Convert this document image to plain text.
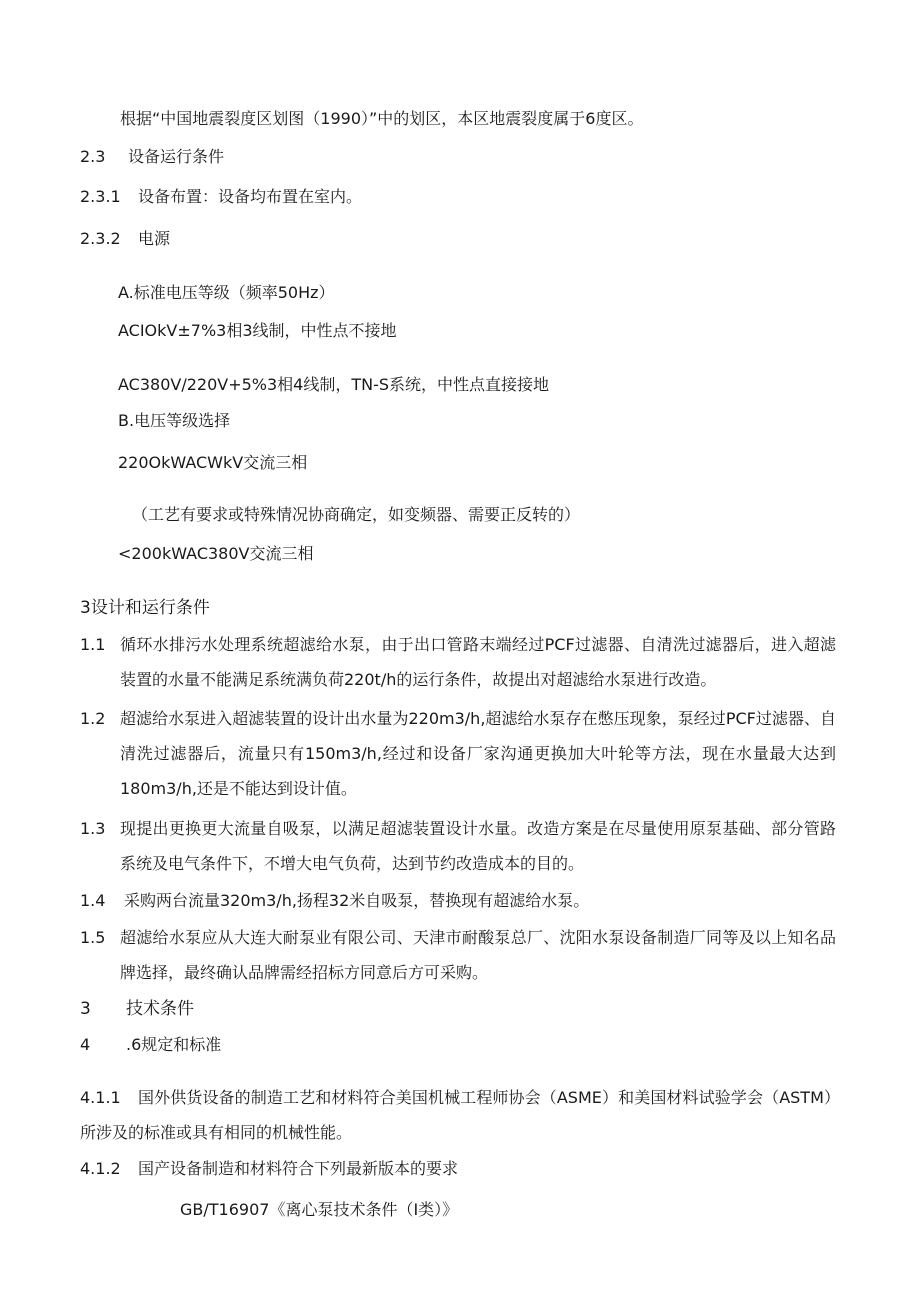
根据“中国地震裂度区划图（1990）”中的划区，本区地震裂度属于6度区。
2.3 设备运行条件
2.3.1 设备布置：设备均布置在室内。
2.3.2 电源
A.标准电压等级（频率50Hz）
ACIOkV±7%3相3线制，中性点不接地
AC380V/220V+5%3相4线制，TN-S系统，中性点直接接地
B.电压等级选择
220OkWACWkV交流三相
（工艺有要求或特殊情况协商确定，如变频器、需要正反转的）
<200kWAC380V交流三相
3设计和运行条件
1.1 循环水排污水处理系统超滤给水泵，由于出口管路末端经过PCF过滤器、自清洗过滤器后，进入超滤装置的水量不能满足系统满负荷220t/h的运行条件，故提出对超滤给水泵进行改造。
1.2 超滤给水泵进入超滤装置的设计出水量为220m3/h,超滤给水泵存在憋压现象，泵经过PCF过滤器、自清洗过滤器后，流量只有150m3/h,经过和设备厂家沟通更换加大叶轮等方法，现在水量最大达到180m3/h,还是不能达到设计值。
1.3 现提出更换更大流量自吸泵，以满足超滤装置设计水量。改造方案是在尽量使用原泵基础、部分管路系统及电气条件下，不增大电气负荷，达到节约改造成本的目的。
1.4 采购两台流量320m3/h,扬程32米自吸泵，替换现有超滤给水泵。
1.5 超滤给水泵应从大连大耐泵业有限公司、天津市耐酸泵总厂、沈阳水泵设备制造厂同等及以上知名品牌选择，最终确认品牌需经招标方同意后方可采购。
3 技术条件
4 .6规定和标准
4.1.1	国外供货设备的制造工艺和材料符合美国机械工程师协会（ASME）和美国材料试验学会（ASTM）所涉及的标准或具有相同的机械性能。
4.1.2 国产设备制造和材料符合下列最新版本的要求
GB/T16907《离心泵技术条件（I类）》
